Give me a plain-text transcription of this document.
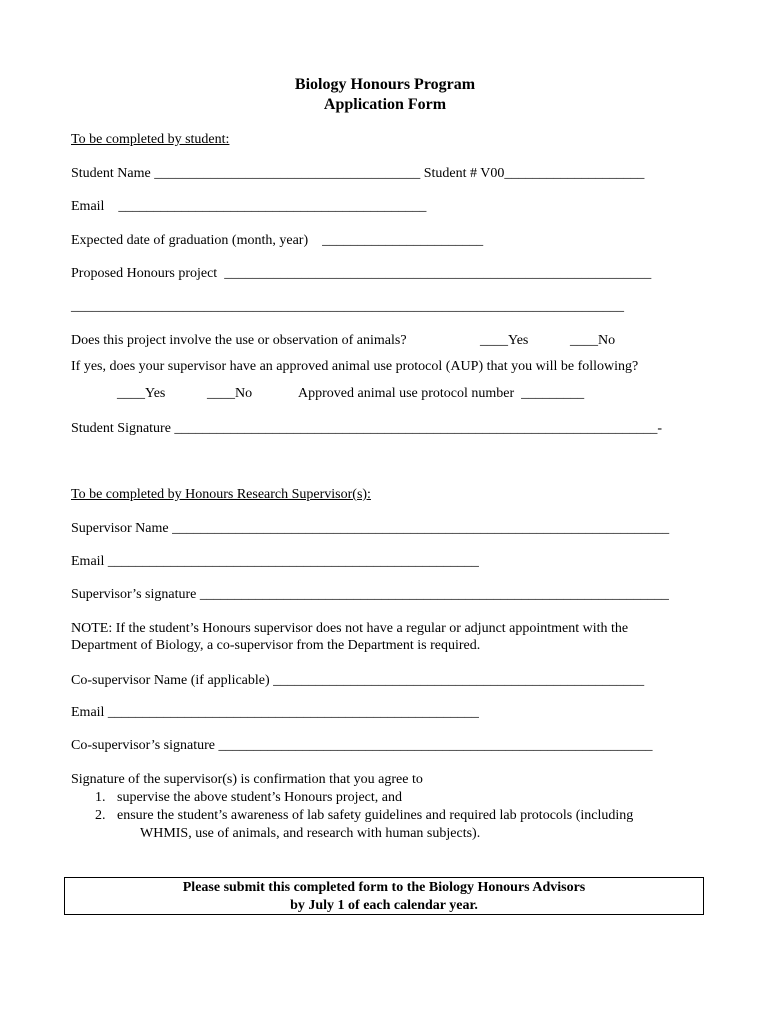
Biology Honours Program
Application Form
To be completed by student:
Student Name ______________________________________ Student # V00____________________
Email    ____________________________________________
Expected date of graduation (month, year)    _______________________
Proposed Honours project  _____________________________________________________________
_______________________________________________________________________________
Does this project involve the use or observation of animals?	____Yes	____No
If yes, does your supervisor have an approved animal use protocol (AUP) that you will be following?
____Yes	____No	Approved animal use protocol number  _________
Student Signature _____________________________________________________________________-
To be completed by Honours Research Supervisor(s):
Supervisor Name _______________________________________________________________________
Email _____________________________________________________
Supervisor’s signature ___________________________________________________________________
NOTE: If the student’s Honours supervisor does not have a regular or adjunct appointment with the
Department of Biology, a co-supervisor from the Department is required.
Co-supervisor Name (if applicable) _____________________________________________________
Email _____________________________________________________
Co-supervisor’s signature ______________________________________________________________
Signature of the supervisor(s) is confirmation that you agree to
1. supervise the above student’s Honours project, and
2. ensure the student’s awareness of lab safety guidelines and required lab protocols (including
WHMIS, use of animals, and research with human subjects).
Please submit this completed form to the Biology Honours Advisors
by July 1 of each calendar year.
